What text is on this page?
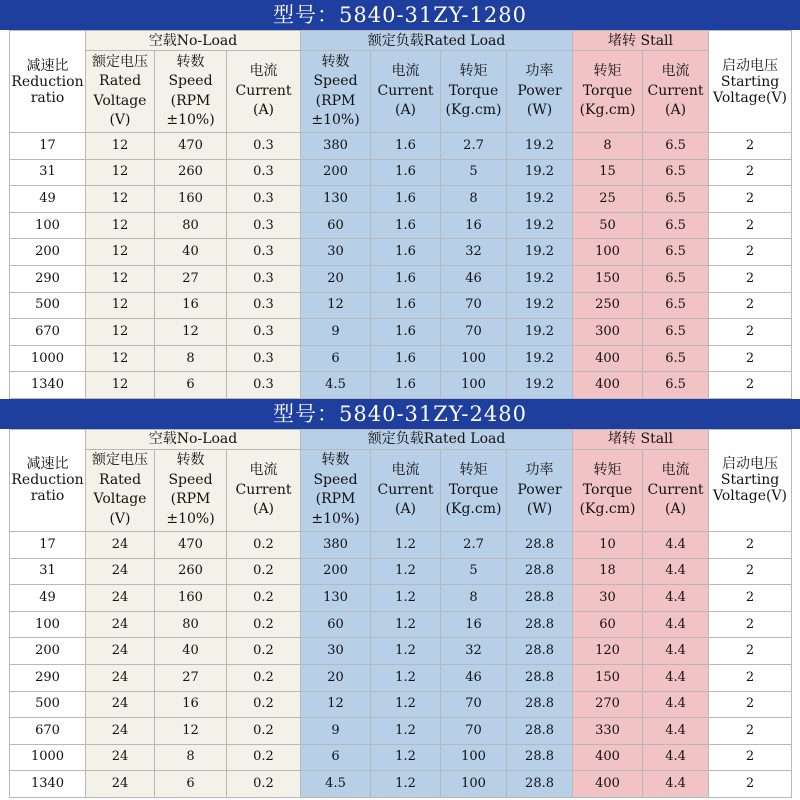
型号：5840-31ZY-1280
减速比 Reduction ratio	空载No-Load			额定负载Rated Load				堵转 Stall		启动电压 Starting Voltage(V)
	额定电压Rated Voltage (V)	转数 Speed (RPM ±10%)	电流 Current (A)	转数 Speed (RPM ±10%)	电流 Current (A)	转矩 Torque (Kg.cm)	功率 Power (W)	转矩 Torque (Kg.cm)	电流 Current (A)	
17	12	470	0.3	380	1.6	2.7	19.2	8	6.5	2
31	12	260	0.3	200	1.6	5	19.2	15	6.5	2
49	12	160	0.3	130	1.6	8	19.2	25	6.5	2
100	12	80	0.3	60	1.6	16	19.2	50	6.5	2
200	12	40	0.3	30	1.6	32	19.2	100	6.5	2
290	12	27	0.3	20	1.6	46	19.2	150	6.5	2
500	12	16	0.3	12	1.6	70	19.2	250	6.5	2
670	12	12	0.3	9	1.6	70	19.2	300	6.5	2
1000	12	8	0.3	6	1.6	100	19.2	400	6.5	2
1340	12	6	0.3	4.5	1.6	100	19.2	400	6.5	2
型号：5840-31ZY-2480
减速比 Reduction ratio	空载No-Load			额定负载Rated Load				堵转 Stall		启动电压 Starting Voltage(V)
	额定电压Rated Voltage (V)	转数 Speed (RPM ±10%)	电流 Current (A)	转数 Speed (RPM ±10%)	电流 Current (A)	转矩 Torque (Kg.cm)	功率 Power (W)	转矩 Torque (Kg.cm)	电流 Current (A)	
17	24	470	0.2	380	1.2	2.7	28.8	10	4.4	2
31	24	260	0.2	200	1.2	5	28.8	18	4.4	2
49	24	160	0.2	130	1.2	8	28.8	30	4.4	2
100	24	80	0.2	60	1.2	16	28.8	60	4.4	2
200	24	40	0.2	30	1.2	32	28.8	120	4.4	2
290	24	27	0.2	20	1.2	46	28.8	150	4.4	2
500	24	16	0.2	12	1.2	70	28.8	270	4.4	2
670	24	12	0.2	9	1.2	70	28.8	330	4.4	2
1000	24	8	0.2	6	1.2	100	28.8	400	4.4	2
1340	24	6	0.2	4.5	1.2	100	28.8	400	4.4	2
